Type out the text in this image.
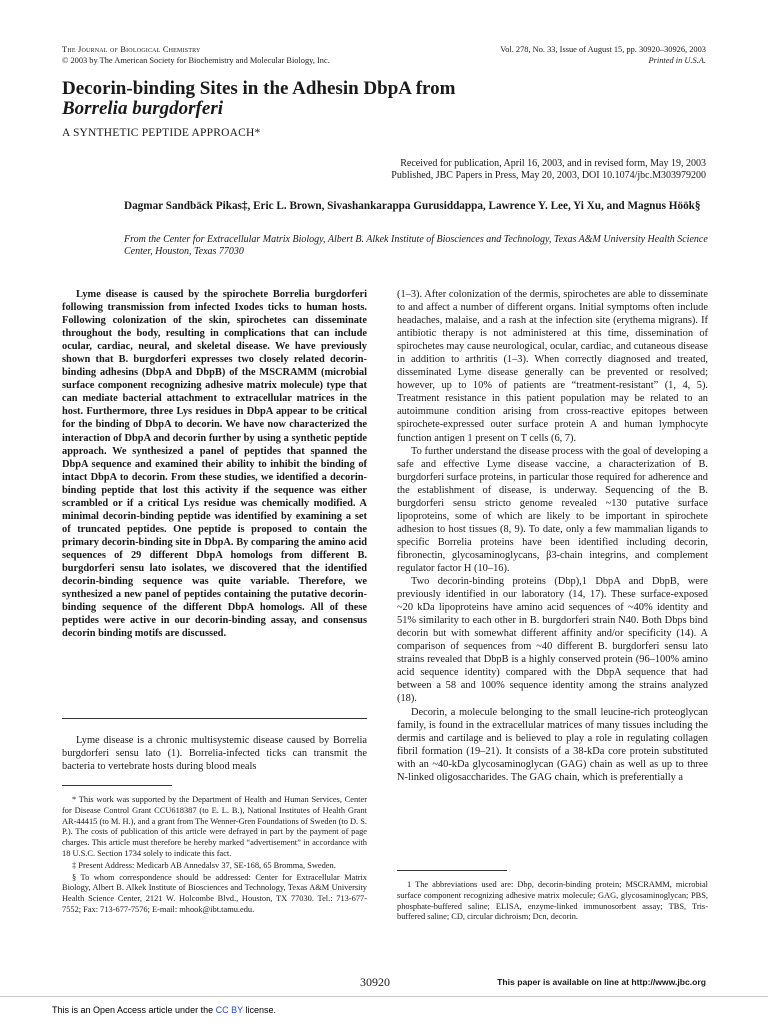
The Journal of Biological Chemistry
© 2003 by The American Society for Biochemistry and Molecular Biology, Inc.
Vol. 278, No. 33, Issue of August 15, pp. 30920–30926, 2003
Printed in U.S.A.
Decorin-binding Sites in the Adhesin DbpA from
Borrelia burgdorferi
A SYNTHETIC PEPTIDE APPROACH*
Received for publication, April 16, 2003, and in revised form, May 19, 2003
Published, JBC Papers in Press, May 20, 2003, DOI 10.1074/jbc.M303979200
Dagmar Sandbäck Pikas‡, Eric L. Brown, Sivashankarappa Gurusiddappa, Lawrence Y. Lee, Yi Xu, and Magnus Höök§
From the Center for Extracellular Matrix Biology, Albert B. Alkek Institute of Biosciences and Technology, Texas A&M University Health Science Center, Houston, Texas 77030
Lyme disease is caused by the spirochete Borrelia burgdorferi following transmission from infected Ixodes ticks to human hosts. Following colonization of the skin, spirochetes can disseminate throughout the body, resulting in complications that can include ocular, cardiac, neural, and skeletal disease. We have previously shown that B. burgdorferi expresses two closely related decorin-binding adhesins (DbpA and DbpB) of the MSCRAMM (microbial surface component recognizing adhesive matrix molecule) type that can mediate bacterial attachment to extracellular matrices in the host. Furthermore, three Lys residues in DbpA appear to be critical for the binding of DbpA to decorin. We have now characterized the interaction of DbpA and decorin further by using a synthetic peptide approach. We synthesized a panel of peptides that spanned the DbpA sequence and examined their ability to inhibit the binding of intact DbpA to decorin. From these studies, we identified a decorin-binding peptide that lost this activity if the sequence was either scrambled or if a critical Lys residue was chemically modified. A minimal decorin-binding peptide was identified by examining a set of truncated peptides. One peptide is proposed to contain the primary decorin-binding site in DbpA. By comparing the amino acid sequences of 29 different DbpA homologs from different B. burgdorferi sensu lato isolates, we discovered that the identified decorin-binding sequence was quite variable. Therefore, we synthesized a new panel of peptides containing the putative decorin-binding sequence of the different DbpA homologs. All of these peptides were active in our decorin-binding assay, and consensus decorin binding motifs are discussed.

Lyme disease is a chronic multisystemic disease caused by Borrelia burgdorferi sensu lato (1). Borrelia-infected ticks can transmit the bacteria to vertebrate hosts during blood meals

* This work was supported by the Department of Health and Human Services, Center for Disease Control Grant CCU618387 (to E. L. B.), National Institutes of Health Grant AR-44415 (to M. H.), and a grant from The Wenner-Gren Foundations of Sweden (to D. S. P.). The costs of publication of this article were defrayed in part by the payment of page charges. This article must therefore be hereby marked “advertisement” in accordance with 18 U.S.C. Section 1734 solely to indicate this fact.

‡ Present Address: Medicarb AB Annedalsv 37, SE-168, 65 Bromma, Sweden.

§ To whom correspondence should be addressed: Center for Extracellular Matrix Biology, Albert B. Alkek Institute of Biosciences and Technology, Texas A&M University Health Science Center, 2121 W. Holcombe Blvd., Houston, TX 77030. Tel.: 713-677-7552; Fax: 713-677-7576; E-mail: mhook@ibt.tamu.edu.

(1–3). After colonization of the dermis, spirochetes are able to disseminate to and affect a number of different organs. Initial symptoms often include headaches, malaise, and a rash at the infection site (erythema migrans). If antibiotic therapy is not administered at this time, dissemination of spirochetes may cause neurological, ocular, cardiac, and cutaneous disease in addition to arthritis (1–3). When correctly diagnosed and treated, disseminated Lyme disease generally can be prevented or resolved; however, up to 10% of patients are “treatment-resistant” (1, 4, 5). Treatment resistance in this patient population may be related to an autoimmune condition arising from cross-reactive epitopes between spirochete-expressed outer surface protein A and human lymphocyte function antigen 1 present on T cells (6, 7).

To further understand the disease process with the goal of developing a safe and effective Lyme disease vaccine, a characterization of B. burgdorferi surface proteins, in particular those required for adherence and the establishment of disease, is underway. Sequencing of the B. burgdorferi sensu stricto genome revealed ~130 putative surface lipoproteins, some of which are likely to be important in spirochete adhesion to host tissues (8, 9). To date, only a few mammalian ligands to specific Borrelia proteins have been identified including decorin, fibronectin, glycosaminoglycans, β3-chain integrins, and complement regulator factor H (10–16).

Two decorin-binding proteins (Dbp),1 DbpA and DbpB, were previously identified in our laboratory (14, 17). These surface-exposed ~20 kDa lipoproteins have amino acid sequences of ~40% identity and 51% similarity to each other in B. burgdorferi strain N40. Both Dbps bind decorin but with somewhat different affinity and/or specificity (14). A comparison of sequences from ~40 different B. burgdorferi sensu lato strains revealed that DbpB is a highly conserved protein (96–100% amino acid sequence identity) compared with the DbpA sequence that had between a 58 and 100% sequence identity among the strains analyzed (18).

Decorin, a molecule belonging to the small leucine-rich proteoglycan family, is found in the extracellular matrices of many tissues including the dermis and cartilage and is believed to play a role in regulating collagen fibril formation (19–21). It consists of a 38-kDa core protein substituted with an ~40-kDa glycosaminoglycan (GAG) chain as well as up to three N-linked oligosaccharides. The GAG chain, which is preferentially a

1 The abbreviations used are: Dbp, decorin-binding protein; MSCRAMM, microbial surface component recognizing adhesive matrix molecule; GAG, glycosaminoglycan; PBS, phosphate-buffered saline; ELISA, enzyme-linked immunosorbent assay; TBS, Tris-buffered saline; CD, circular dichroism; Dcn, decorin.

30920	This paper is available on line at http://www.jbc.org
This is an Open Access article under the CC BY license.
